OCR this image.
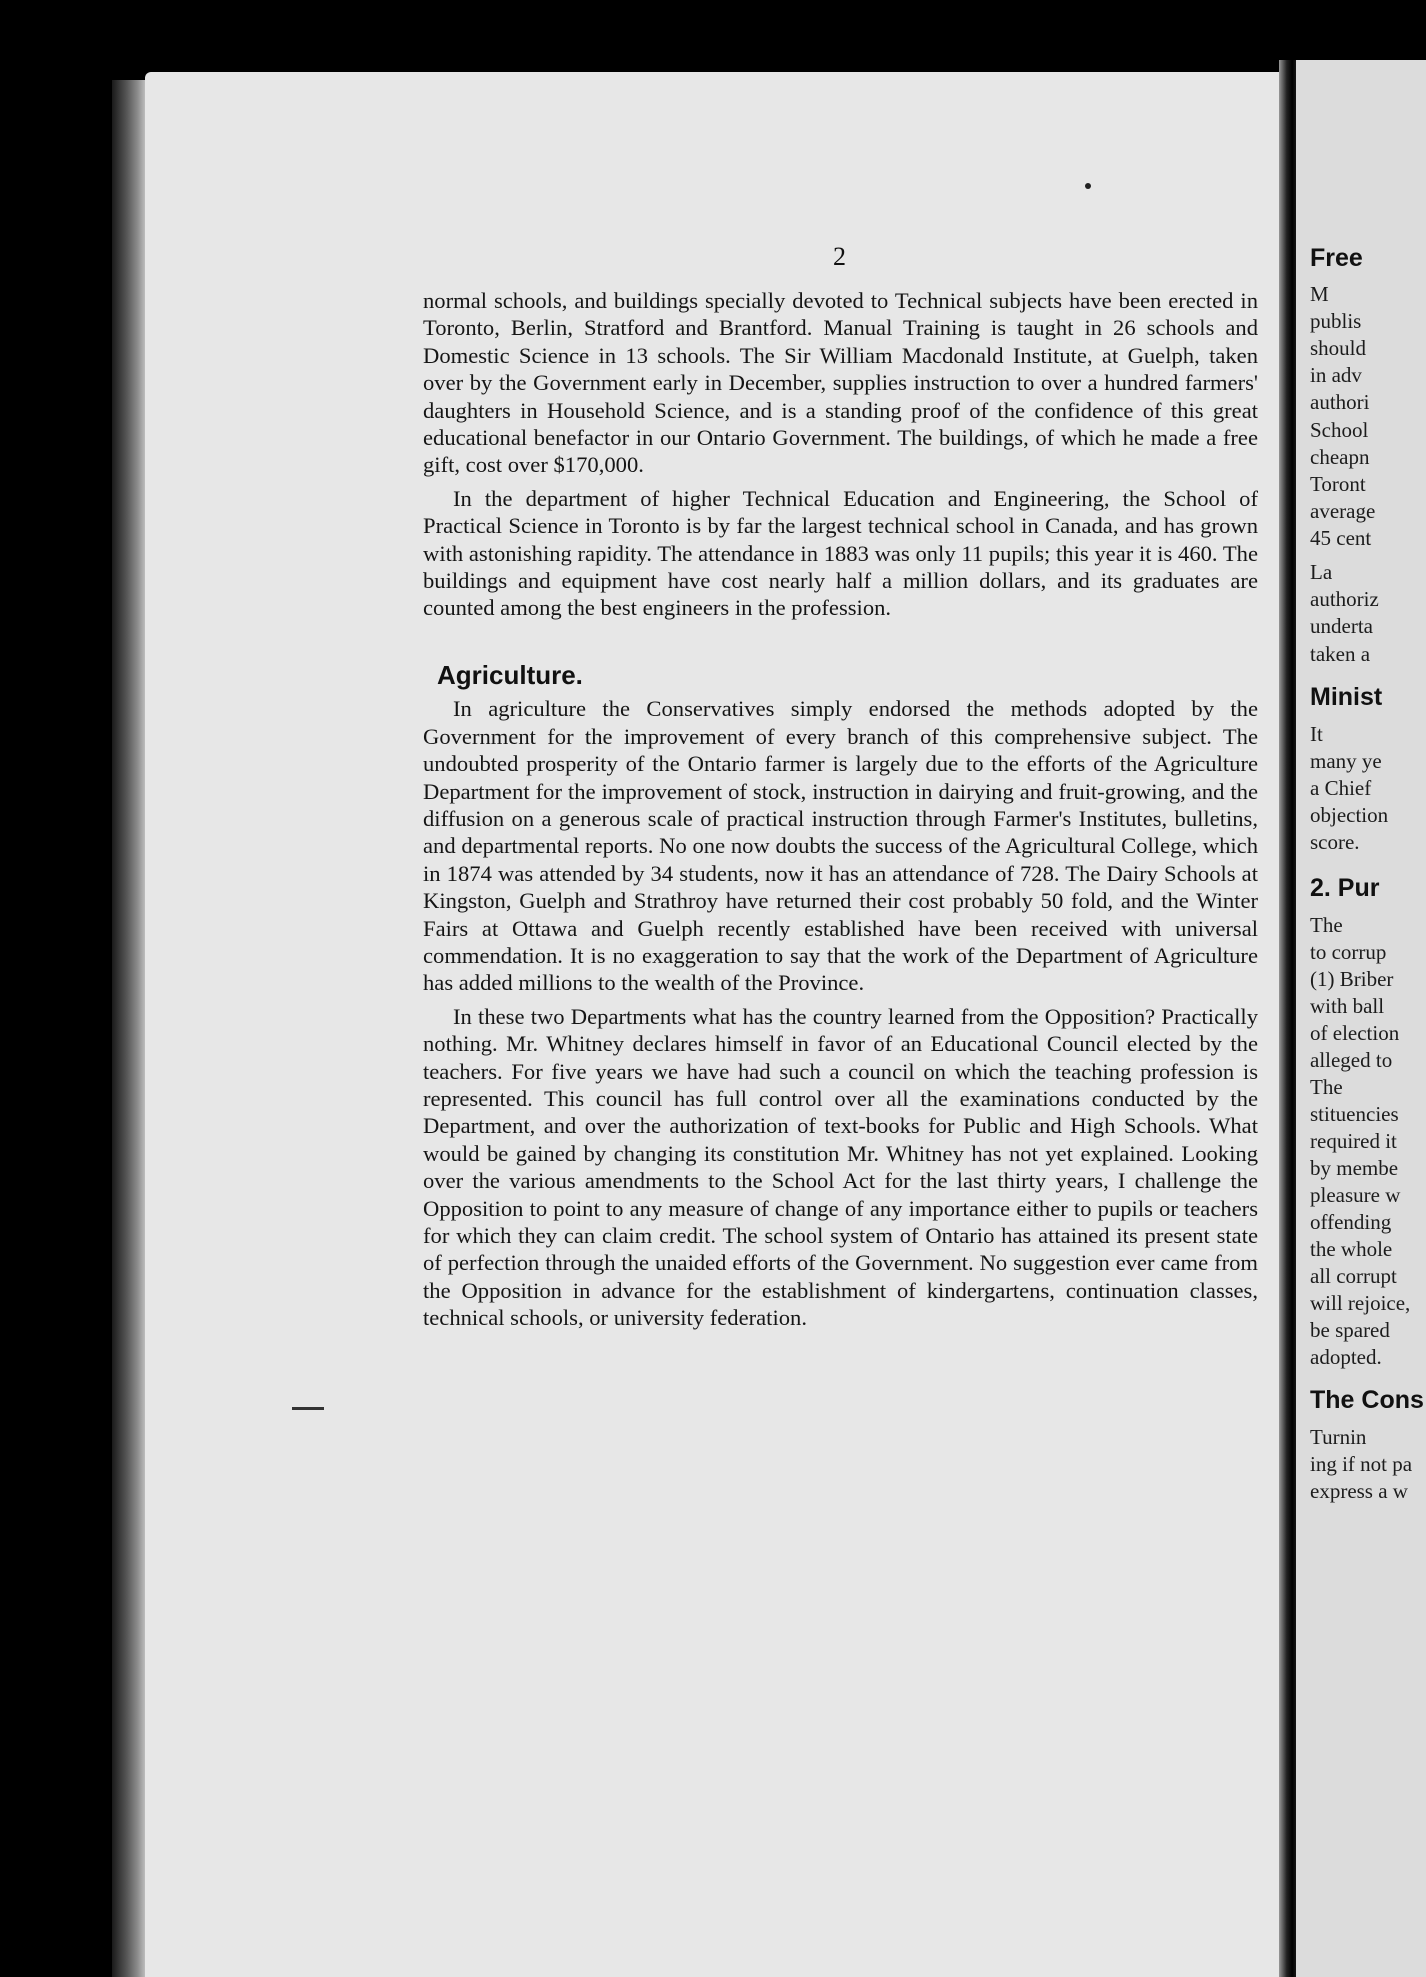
Free
M
publis
should
in adv
authori
School
cheapn
Toront
average
45 cent
La
authoriz
underta
taken a
Minist
It
many ye
a Chief
objection
score.
2. Pur
The
to corrup
(1) Briber
with ball
of election
alleged to
The
stituencies
required it
by membe
pleasure w
offending
the whole
all corrupt
will rejoice,
be spared
adopted.
The Cons
Turnin
ing if not pa
express a w
2

normal schools, and buildings specially devoted to Technical subjects have been erected in Toronto, Berlin, Stratford and Brantford. Manual Training is taught in 26 schools and Domestic Science in 13 schools. The Sir William Macdonald Institute, at Guelph, taken over by the Government early in December, supplies instruction to over a hundred farmers' daughters in Household Science, and is a standing proof of the confidence of this great educational benefactor in our Ontario Government. The buildings, of which he made a free gift, cost over $170,000.

In the department of higher Technical Education and Engineering, the School of Practical Science in Toronto is by far the largest technical school in Canada, and has grown with astonishing rapidity. The attendance in 1883 was only 11 pupils; this year it is 460. The buildings and equipment have cost nearly half a million dollars, and its graduates are counted among the best engineers in the profession.

Agriculture.

In agriculture the Conservatives simply endorsed the methods adopted by the Government for the improvement of every branch of this comprehensive subject. The undoubted prosperity of the Ontario farmer is largely due to the efforts of the Agriculture Department for the improvement of stock, instruction in dairying and fruit-growing, and the diffusion on a generous scale of practical instruction through Farmer's Institutes, bulletins, and departmental reports. No one now doubts the success of the Agricultural College, which in 1874 was attended by 34 students, now it has an attendance of 728. The Dairy Schools at Kingston, Guelph and Strathroy have returned their cost probably 50 fold, and the Winter Fairs at Ottawa and Guelph recently established have been received with universal commendation. It is no exaggeration to say that the work of the Department of Agriculture has added millions to the wealth of the Province.

In these two Departments what has the country learned from the Opposition? Practically nothing. Mr. Whitney declares himself in favor of an Educational Council elected by the teachers. For five years we have had such a council on which the teaching profession is represented. This council has full control over all the examinations conducted by the Department, and over the authorization of text-books for Public and High Schools. What would be gained by changing its constitution Mr. Whitney has not yet explained. Looking over the various amendments to the School Act for the last thirty years, I challenge the Opposition to point to any measure of change of any importance either to pupils or teachers for which they can claim credit. The school system of Ontario has attained its present state of perfection through the unaided efforts of the Government. No suggestion ever came from the Opposition in advance for the establishment of kindergartens, continuation classes, technical schools, or university federation.
